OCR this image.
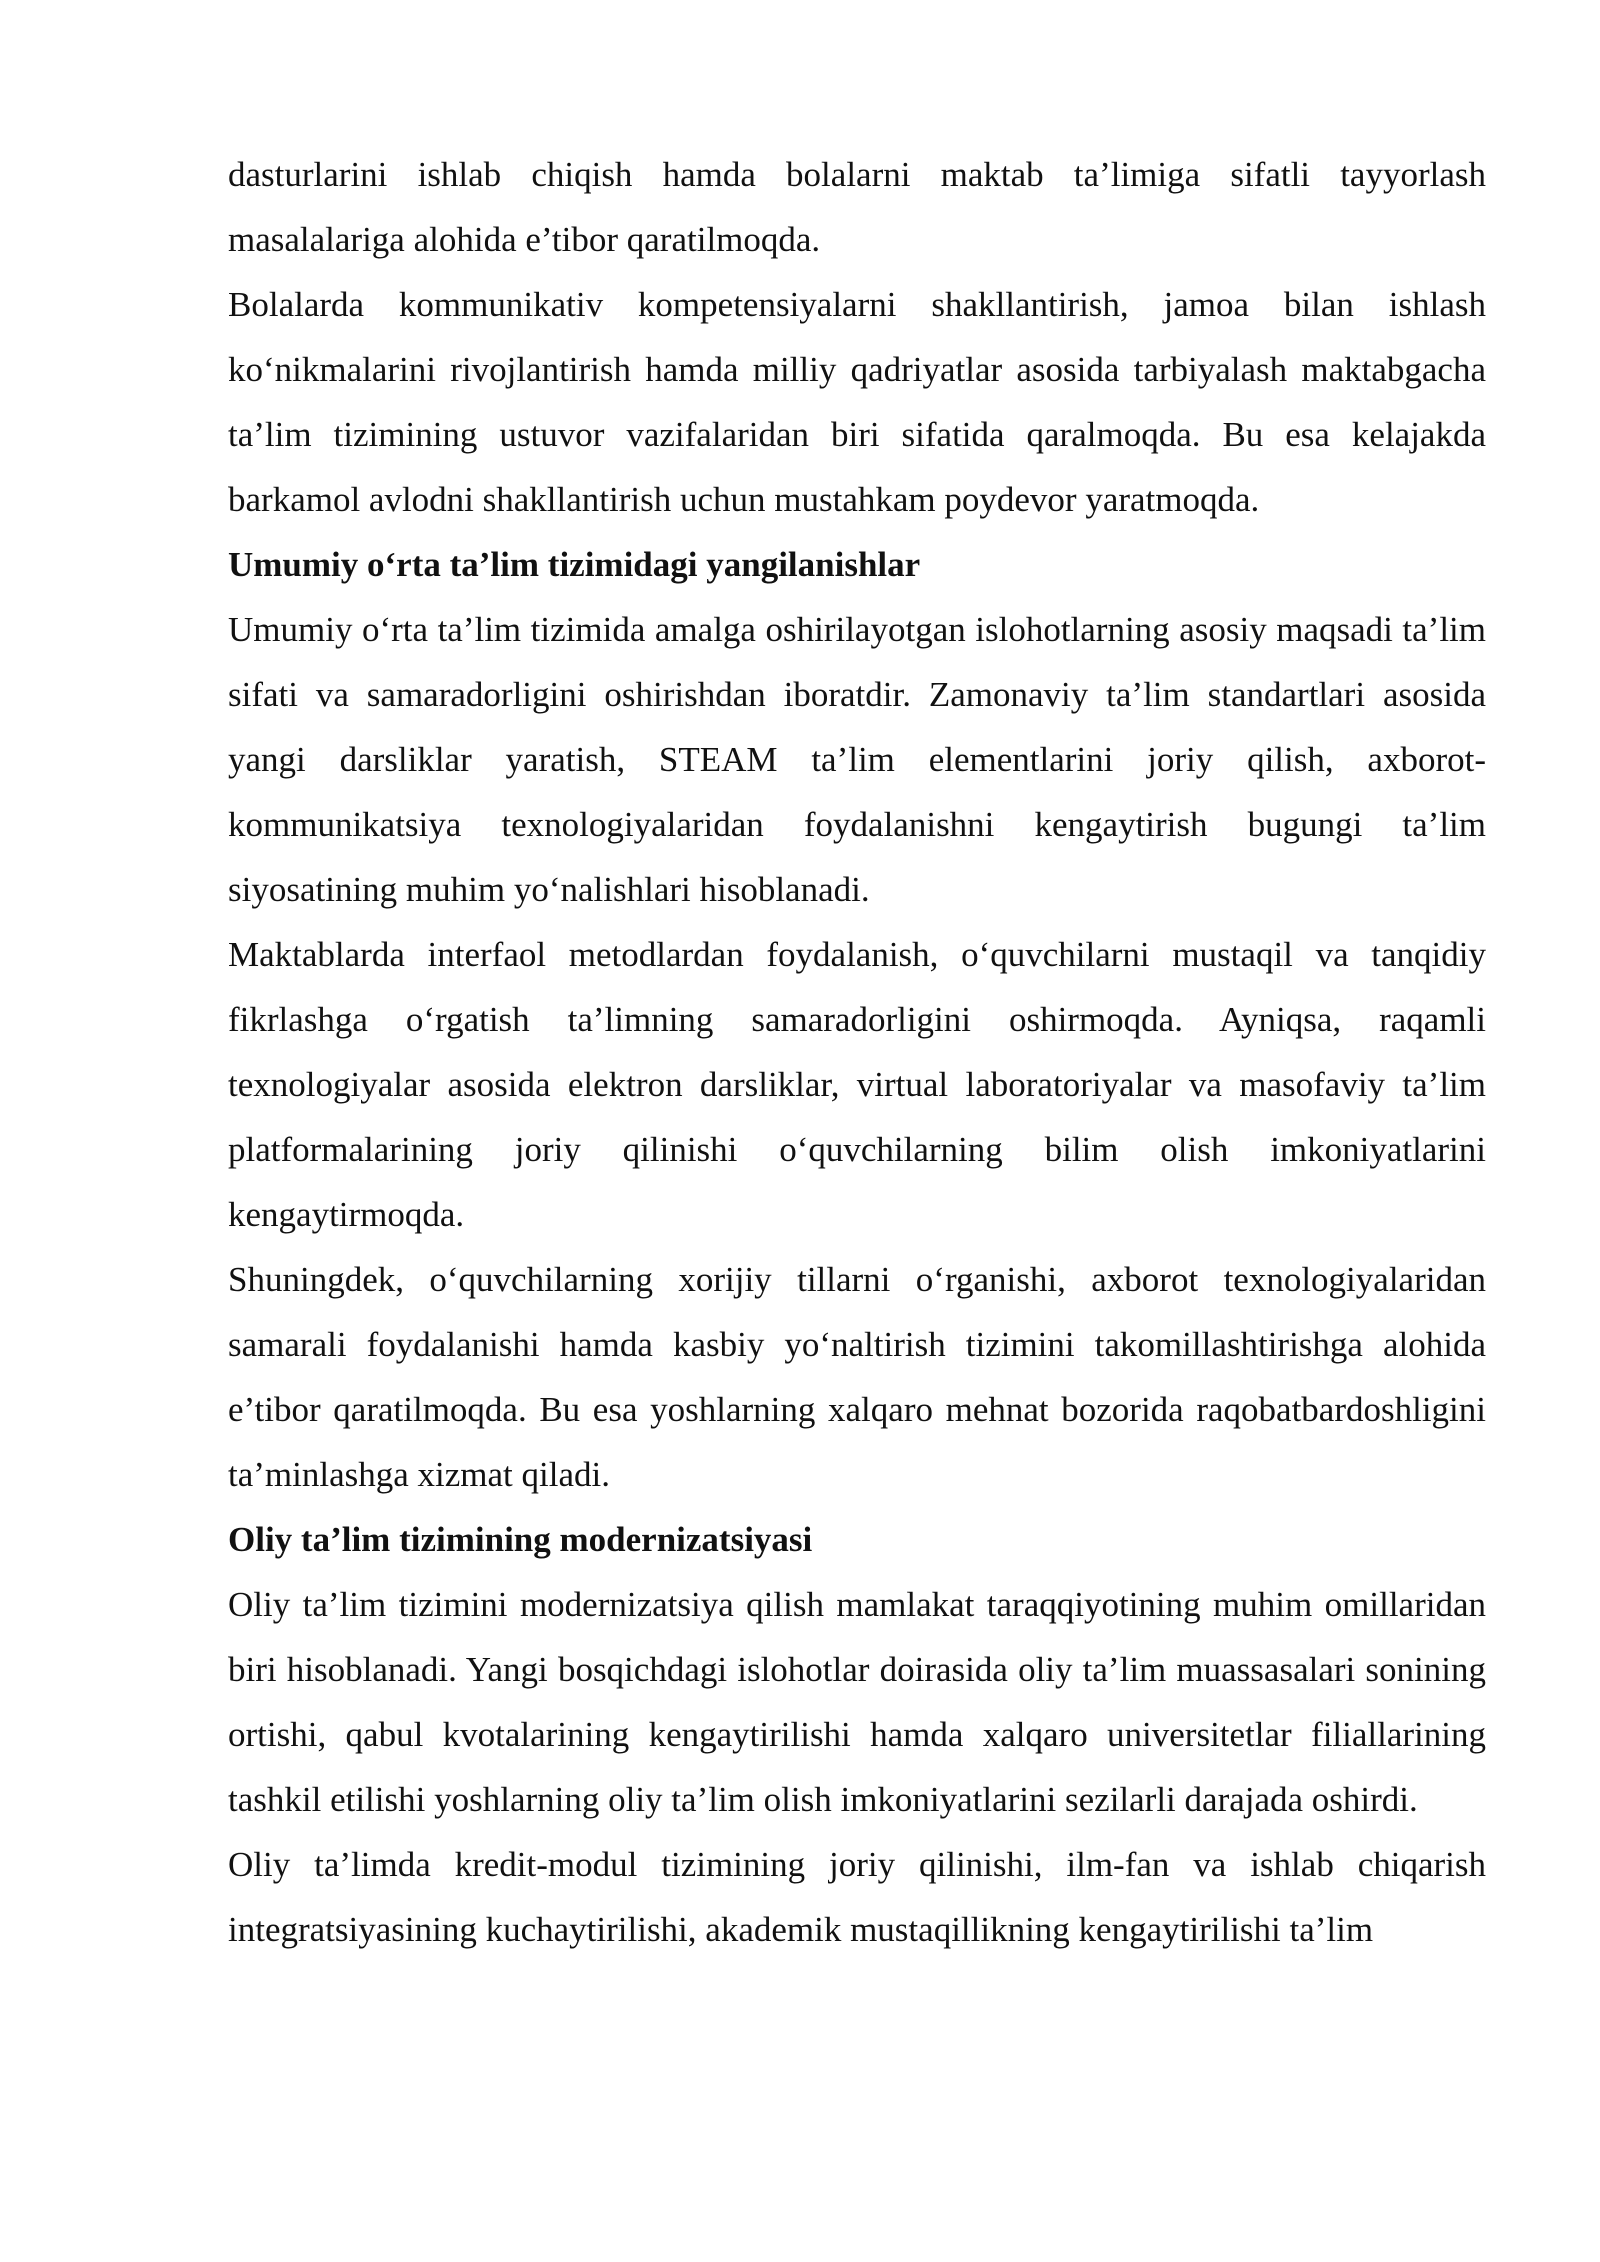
dasturlarini ishlab chiqish hamda bolalarni maktab ta’limiga sifatli tayyorlash masalalariga alohida e’tibor qaratilmoqda.

Bolalarda kommunikativ kompetensiyalarni shakllantirish, jamoa bilan ishlash ko‘nikmalarini rivojlantirish hamda milliy qadriyatlar asosida tarbiyalash maktabgacha ta’lim tizimining ustuvor vazifalaridan biri sifatida qaralmoqda. Bu esa kelajakda barkamol avlodni shakllantirish uchun mustahkam poydevor yaratmoqda.

Umumiy o‘rta ta’lim tizimidagi yangilanishlar

Umumiy o‘rta ta’lim tizimida amalga oshirilayotgan islohotlarning asosiy maqsadi ta’lim sifati va samaradorligini oshirishdan iboratdir. Zamonaviy ta’lim standartlari asosida yangi darsliklar yaratish, STEAM ta’lim elementlarini joriy qilish, axborot-kommunikatsiya texnologiyalaridan foydalanishni kengaytirish bugungi ta’lim siyosatining muhim yo‘nalishlari hisoblanadi.

Maktablarda interfaol metodlardan foydalanish, o‘quvchilarni mustaqil va tanqidiy fikrlashga o‘rgatish ta’limning samaradorligini oshirmoqda. Ayniqsa, raqamli texnologiyalar asosida elektron darsliklar, virtual laboratoriyalar va masofaviy ta’lim platformalarining joriy qilinishi o‘quvchilarning bilim olish imkoniyatlarini kengaytirmoqda.

Shuningdek, o‘quvchilarning xorijiy tillarni o‘rganishi, axborot texnologiyalaridan samarali foydalanishi hamda kasbiy yo‘naltirish tizimini takomillashtirishga alohida e’tibor qaratilmoqda. Bu esa yoshlarning xalqaro mehnat bozorida raqobatbardoshligini ta’minlashga xizmat qiladi.

Oliy ta’lim tizimining modernizatsiyasi

Oliy ta’lim tizimini modernizatsiya qilish mamlakat taraqqiyotining muhim omillaridan biri hisoblanadi. Yangi bosqichdagi islohotlar doirasida oliy ta’lim muassasalari sonining ortishi, qabul kvotalarining kengaytirilishi hamda xalqaro universitetlar filiallarining tashkil etilishi yoshlarning oliy ta’lim olish imkoniyatlarini sezilarli darajada oshirdi.

Oliy ta’limda kredit-modul tizimining joriy qilinishi, ilm-fan va ishlab chiqarish integratsiyasining kuchaytirilishi, akademik mustaqillikning kengaytirilishi ta’lim
